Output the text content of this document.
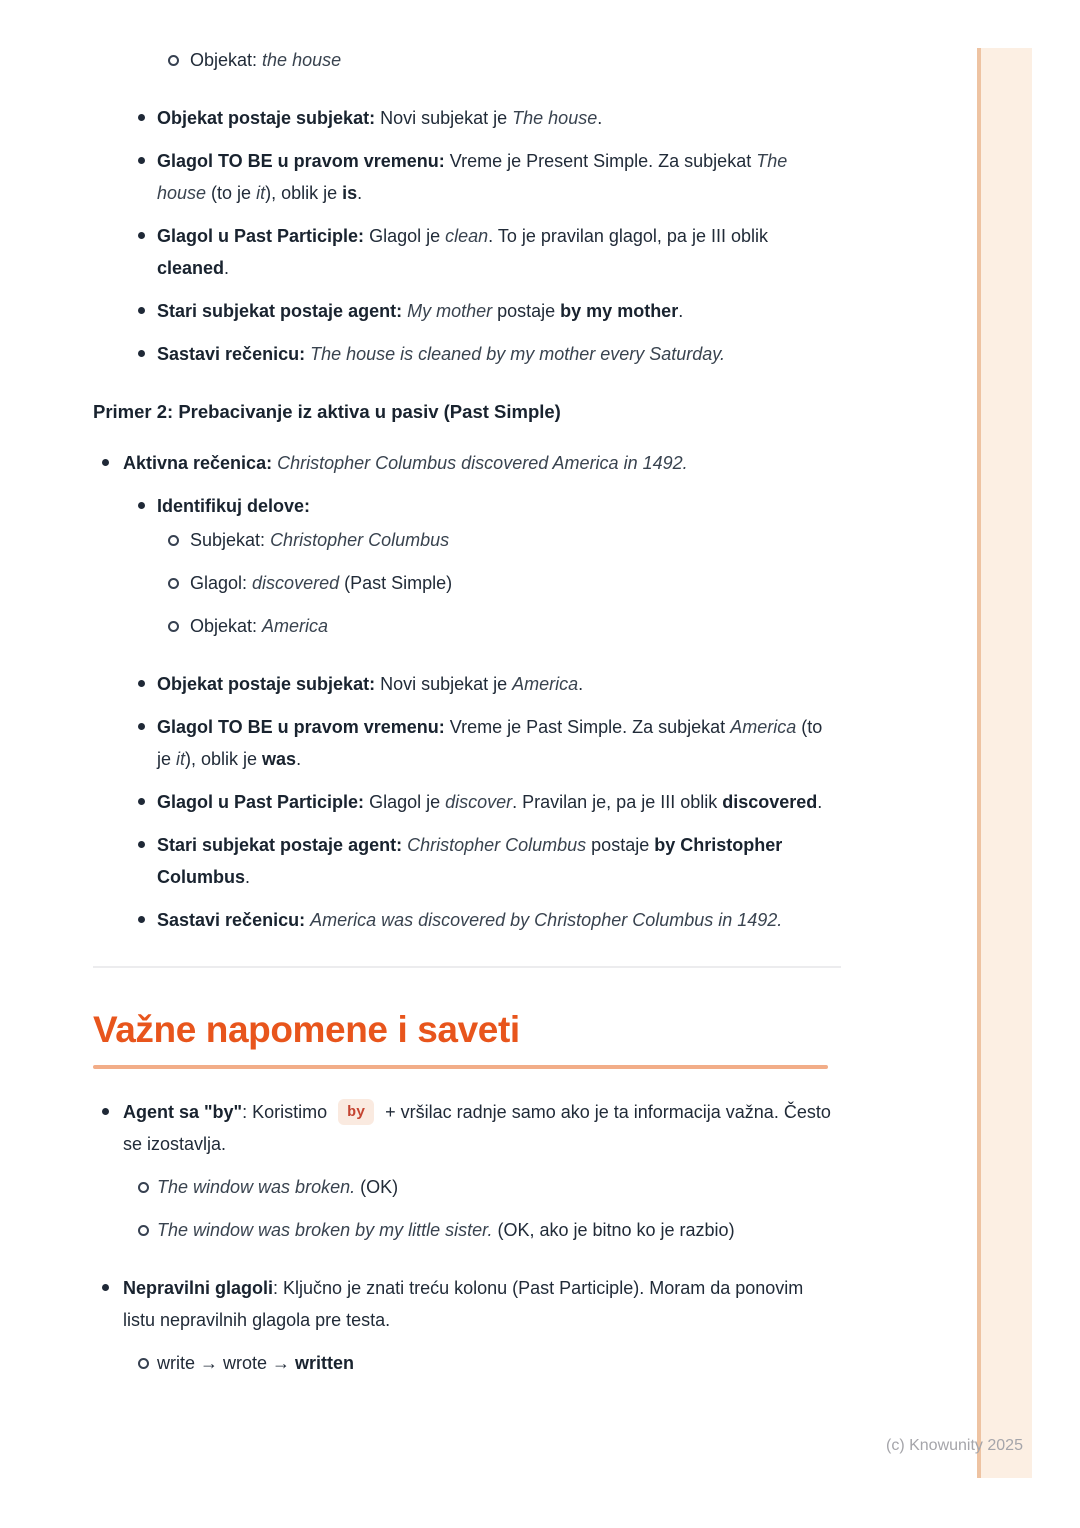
Objekat: the house
Objekat postaje subjekat: Novi subjekat je The house.
Glagol TO BE u pravom vremenu: Vreme je Present Simple. Za subjekat The house (to je it), oblik je is.
Glagol u Past Participle: Glagol je clean. To je pravilan glagol, pa je III oblik cleaned.
Stari subjekat postaje agent: My mother postaje by my mother.
Sastavi rečenicu: The house is cleaned by my mother every Saturday.
Primer 2: Prebacivanje iz aktiva u pasiv (Past Simple)
Aktivna rečenica: Christopher Columbus discovered America in 1492.
Identifikuj delove:
Subjekat: Christopher Columbus
Glagol: discovered (Past Simple)
Objekat: America
Objekat postaje subjekat: Novi subjekat je America.
Glagol TO BE u pravom vremenu: Vreme je Past Simple. Za subjekat America (to je it), oblik je was.
Glagol u Past Participle: Glagol je discover. Pravilan je, pa je III oblik discovered.
Stari subjekat postaje agent: Christopher Columbus postaje by Christopher Columbus.
Sastavi rečenicu: America was discovered by Christopher Columbus in 1492.
Važne napomene i saveti
Agent sa "by": Koristimo by + vršilac radnje samo ako je ta informacija važna. Često se izostavlja.
The window was broken. (OK)
The window was broken by my little sister. (OK, ako je bitno ko je razbio)
Nepravilni glagoli: Ključno je znati treću kolonu (Past Participle). Moram da ponovim listu nepravilnih glagola pre testa.
write → wrote → written
(c) Knowunity 2025
